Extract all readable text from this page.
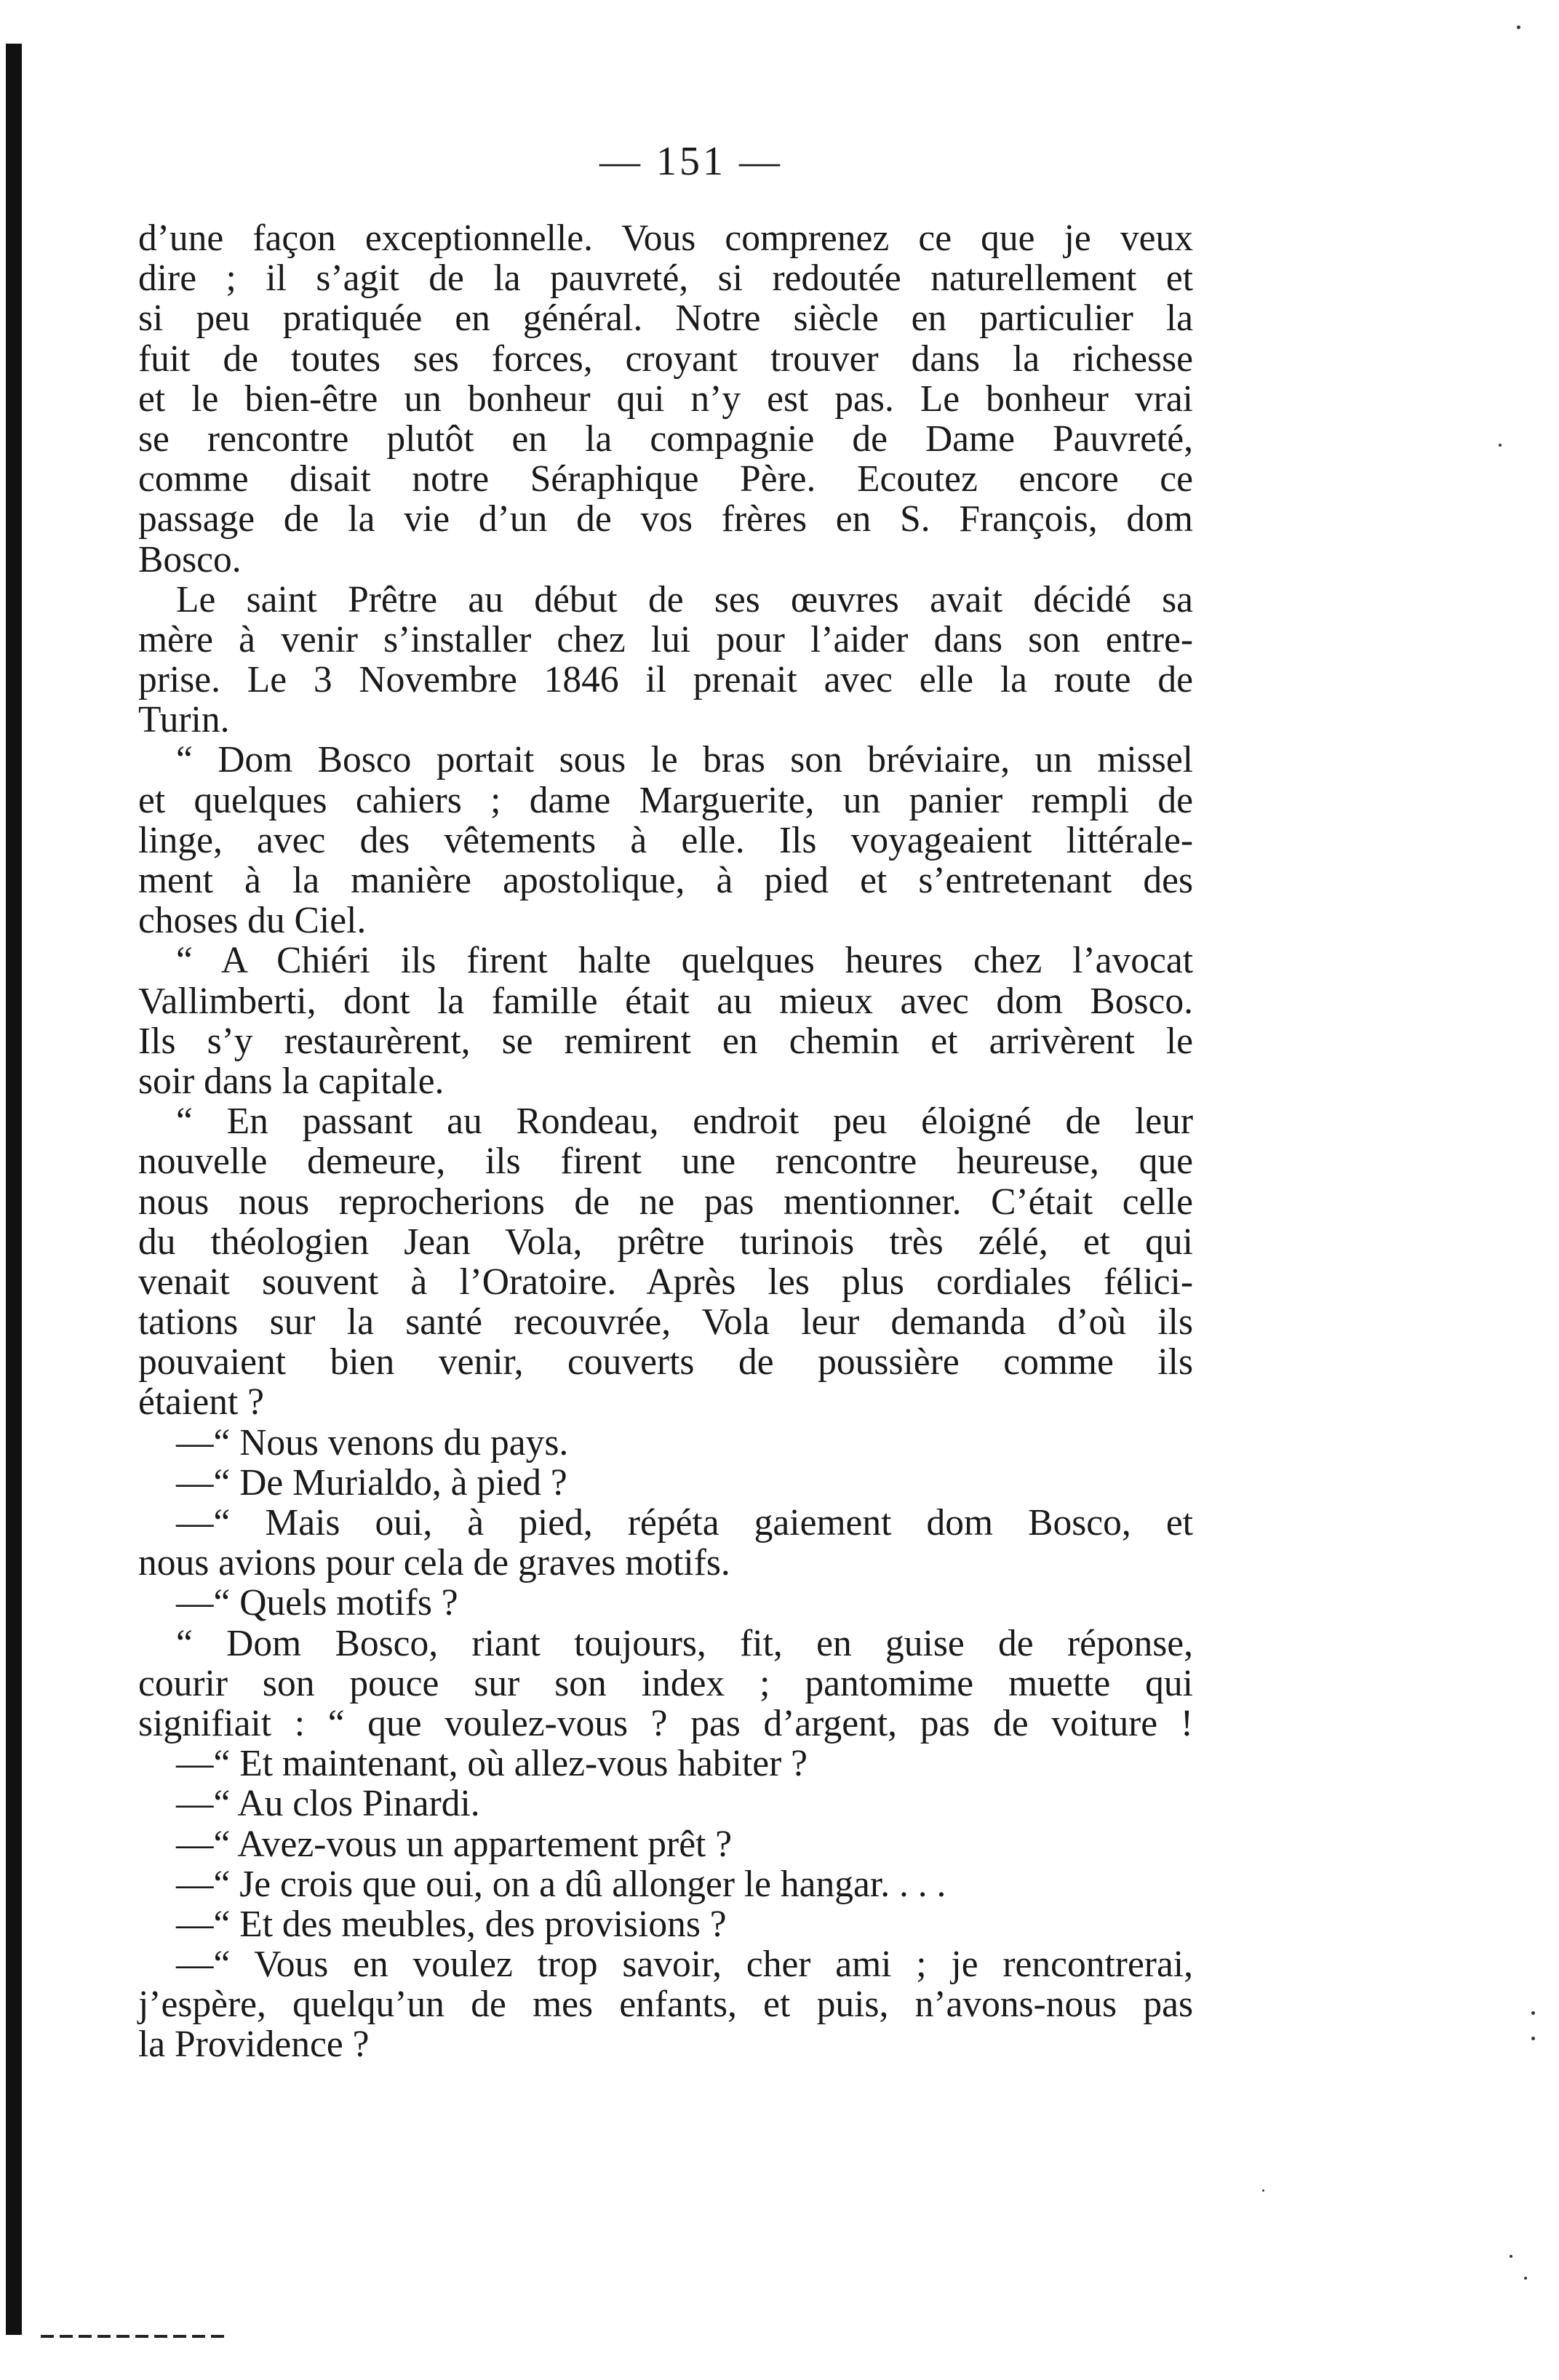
— 151 —
d’une façon exceptionnelle. Vous comprenez ce que je veux
dire ; il s’agit de la pauvreté, si redoutée naturellement et
si peu pratiquée en général. Notre siècle en particulier la
fuit de toutes ses forces, croyant trouver dans la richesse
et le bien-être un bonheur qui n’y est pas. Le bonheur vrai
se rencontre plutôt en la compagnie de Dame Pauvreté,
comme disait notre Séraphique Père. Ecoutez encore ce
passage de la vie d’un de vos frères en S. François, dom
Bosco.
Le saint Prêtre au début de ses œuvres avait décidé sa
mère à venir s’installer chez lui pour l’aider dans son entre-
prise. Le 3 Novembre 1846 il prenait avec elle la route de
Turin.
“ Dom Bosco portait sous le bras son bréviaire, un missel
et quelques cahiers ; dame Marguerite, un panier rempli de
linge, avec des vêtements à elle. Ils voyageaient littérale-
ment à la manière apostolique, à pied et s’entretenant des
choses du Ciel.
“ A Chiéri ils firent halte quelques heures chez l’avocat
Vallimberti, dont la famille était au mieux avec dom Bosco.
Ils s’y restaurèrent, se remirent en chemin et arrivèrent le
soir dans la capitale.
“ En passant au Rondeau, endroit peu éloigné de leur
nouvelle demeure, ils firent une rencontre heureuse, que
nous nous reprocherions de ne pas mentionner. C’était celle
du théologien Jean Vola, prêtre turinois très zélé, et qui
venait souvent à l’Oratoire. Après les plus cordiales félici-
tations sur la santé recouvrée, Vola leur demanda d’où ils
pouvaient bien venir, couverts de poussière comme ils
étaient ?
—“ Nous venons du pays.
—“ De Murialdo, à pied ?
—“ Mais oui, à pied, répéta gaiement dom Bosco, et
nous avions pour cela de graves motifs.
—“ Quels motifs ?
“ Dom Bosco, riant toujours, fit, en guise de réponse,
courir son pouce sur son index ; pantomime muette qui
signifiait : “ que voulez-vous ? pas d’argent, pas de voiture !
—“ Et maintenant, où allez-vous habiter ?
—“ Au clos Pinardi.
—“ Avez-vous un appartement prêt ?
—“ Je crois que oui, on a dû allonger le hangar. . . .
—“ Et des meubles, des provisions ?
—“ Vous en voulez trop savoir, cher ami ; je rencontrerai,
j’espère, quelqu’un de mes enfants, et puis, n’avons-nous pas
la Providence ?
